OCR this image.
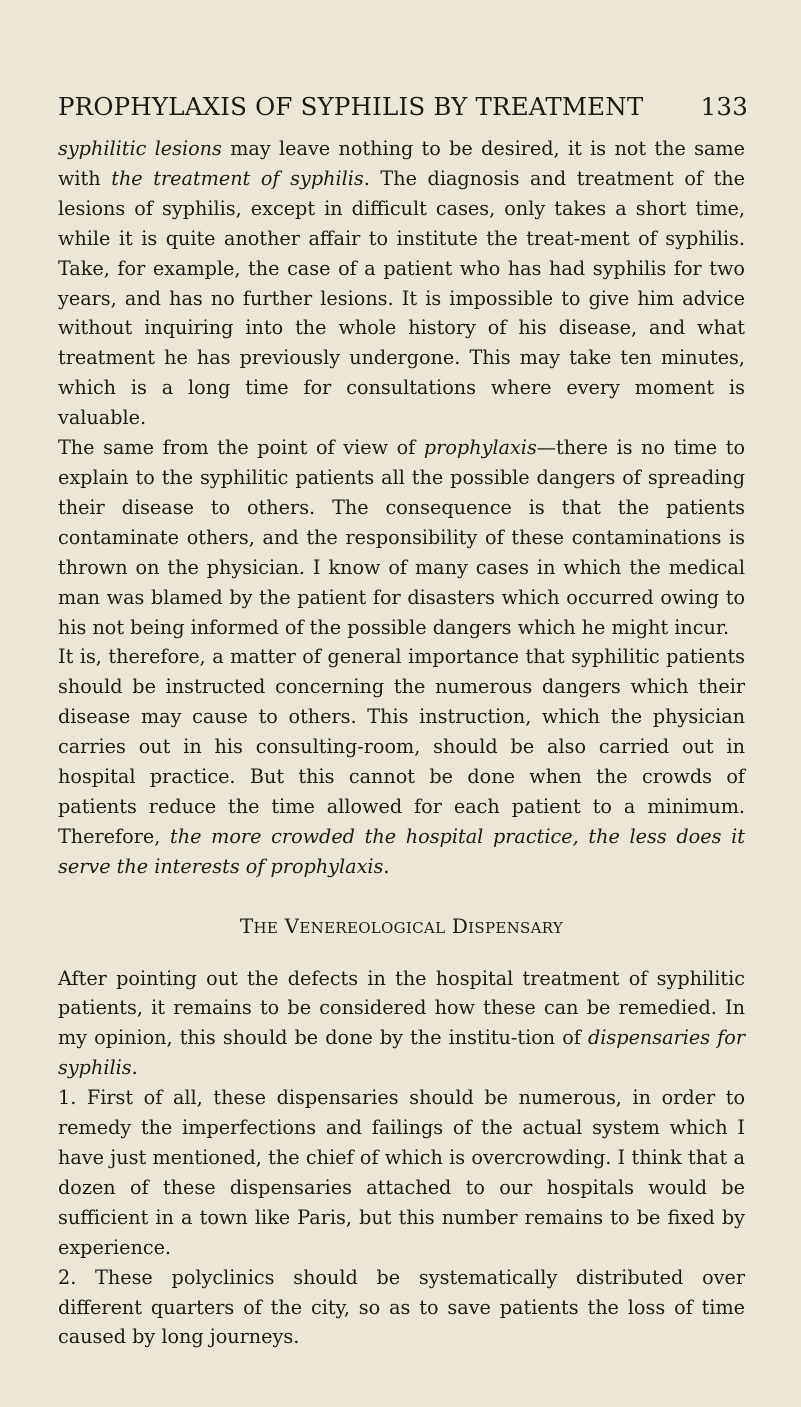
PROPHYLAXIS OF SYPHILIS BY TREATMENT 133

syphilitic lesions may leave nothing to be desired, it is not the same with the treatment of syphilis. The diagnosis and treatment of the lesions of syphilis, except in difficult cases, only takes a short time, while it is quite another affair to institute the treat-ment of syphilis. Take, for example, the case of a patient who has had syphilis for two years, and has no further lesions. It is impossible to give him advice without inquiring into the whole history of his disease, and what treatment he has previously undergone. This may take ten minutes, which is a long time for consultations where every moment is valuable.

The same from the point of view of prophylaxis—there is no time to explain to the syphilitic patients all the possible dangers of spreading their disease to others. The consequence is that the patients contaminate others, and the responsibility of these contaminations is thrown on the physician. I know of many cases in which the medical man was blamed by the patient for disasters which occurred owing to his not being informed of the possible dangers which he might incur.

It is, therefore, a matter of general importance that syphilitic patients should be instructed concerning the numerous dangers which their disease may cause to others. This instruction, which the physician carries out in his consulting-room, should be also carried out in hospital practice. But this cannot be done when the crowds of patients reduce the time allowed for each patient to a minimum. Therefore, the more crowded the hospital practice, the less does it serve the interests of prophylaxis.

THE VENEREOLOGICAL DISPENSARY

After pointing out the defects in the hospital treatment of syphilitic patients, it remains to be considered how these can be remedied. In my opinion, this should be done by the institu-tion of dispensaries for syphilis.

1. First of all, these dispensaries should be numerous, in order to remedy the imperfections and failings of the actual system which I have just mentioned, the chief of which is overcrowding. I think that a dozen of these dispensaries attached to our hospitals would be sufficient in a town like Paris, but this number remains to be fixed by experience.

2. These polyclinics should be systematically distributed over different quarters of the city, so as to save patients the loss of time caused by long journeys.
